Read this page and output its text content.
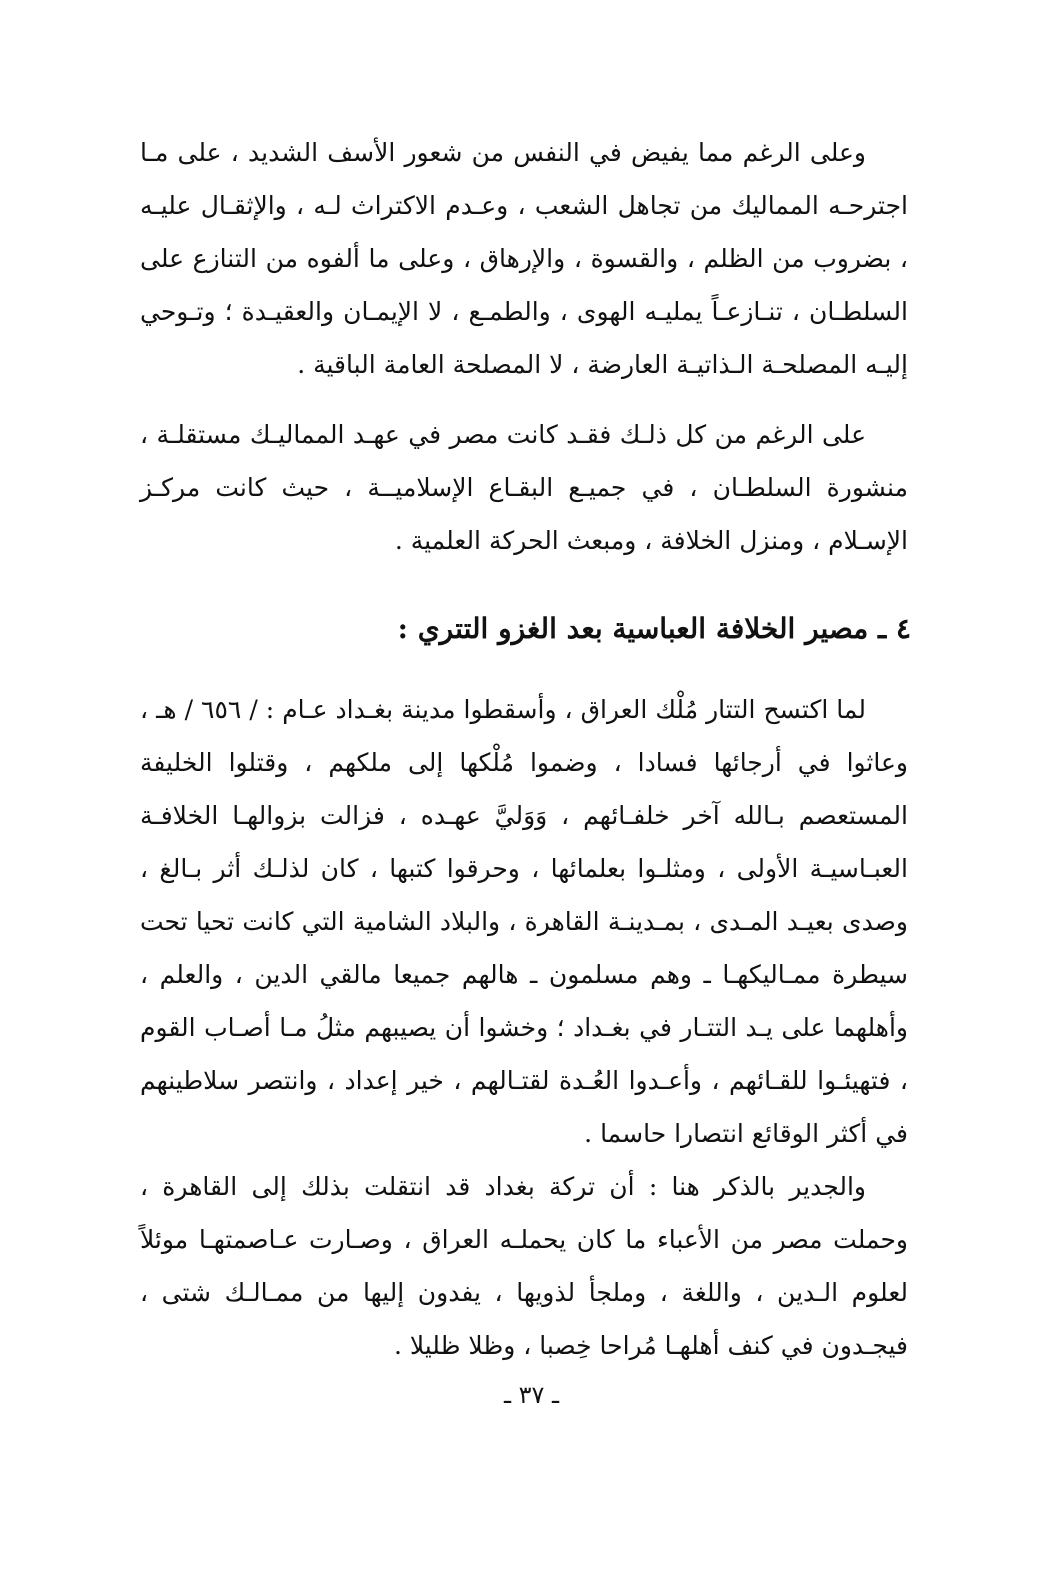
وعلى الرغم مما يفيض في النفس من شعور الأسف الشديد ، على مـا اجترحـه المماليك من تجاهل الشعب ، وعـدم الاكتراث لـه ، والإثقـال عليـه ، بضروب من الظلم ، والقسوة ، والإرهاق ، وعلى ما ألفوه من التنازع على السلطـان ، تنـازعـاً يمليـه الهوى ، والطمـع ، لا الإيمـان والعقيـدة ؛ وتـوحي إليـه المصلحـة الـذاتيـة العارضة ، لا المصلحة العامة الباقية .

على الرغم من كل ذلـك فقـد كانت مصر في عهـد المماليـك مستقلـة ، منشورة السلطـان ، في جميـع البقـاع الإسلاميــة ، حيث كانت مركـز الإسـلام ، ومنزل الخلافة ، ومبعث الحركة العلمية .

٤ ـ مصير الخلافة العباسية بعد الغزو التتري :

لما اكتسح التتار مُلْك العراق ، وأسقطوا مدينة بغـداد عـام : / ٦٥٦ / هـ ، وعاثوا في أرجائها فسادا ، وضموا مُلْكها إلى ملكهم ، وقتلوا الخليفة المستعصم بـالله آخر خلفـائهم ، وَوَليَّ عهـده ، فزالت بزوالهـا الخلافـة العبـاسيـة الأولى ، ومثلـوا بعلمائها ، وحرقوا كتبها ، كان لذلـك أثر بـالغ ، وصدى بعيـد المـدى ، بمـدينـة القاهرة ، والبلاد الشامية التي كانت تحيا تحت سيطرة ممـاليكهـا ـ وهم مسلمون ـ هالهم جميعا مالقي الدين ، والعلم ، وأهلهما على يـد التتـار في بغـداد ؛ وخشوا أن يصيبهم مثلُ مـا أصـاب القوم ، فتهيئـوا للقـائهم ، وأعـدوا العُـدة لقتـالهم ، خير إعداد ، وانتصر سلاطينهم في أكثر الوقائع انتصارا حاسما .

والجدير بالذكر هنا : أن تركة بغداد قد انتقلت بذلك إلى القاهرة ، وحملت مصر من الأعباء ما كان يحملـه العراق ، وصـارت عـاصمتهـا موئلاً لعلوم الـدين ، واللغة ، وملجأ لذويها ، يفدون إليها من ممـالـك شتى ، فيجـدون في كنف أهلهـا مُراحا خِصبا ، وظلا ظليلا .

ـ ٣٧ ـ
